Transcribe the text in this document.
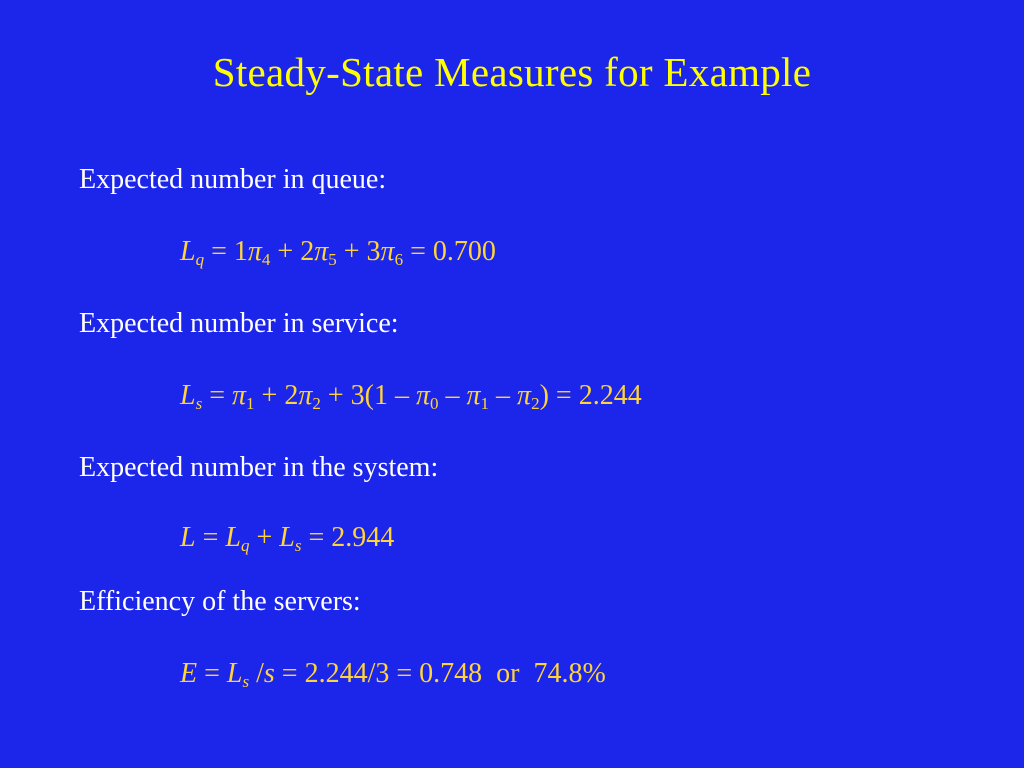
Steady-State Measures for Example
Expected number in queue:
$L_q = 1\pi_4 + 2\pi_5 + 3\pi_6 = 0.700$
Expected number in service:
$L_s = \pi_1 + 2\pi_2 + 3(1 - \pi_0 - \pi_1 - \pi_2) = 2.244$
Expected number in the system:
$L = L_q + L_s = 2.944$
Efficiency of the servers:
$E = L_s$ /s = 2.244/3 = 0.748  or  74.8%
